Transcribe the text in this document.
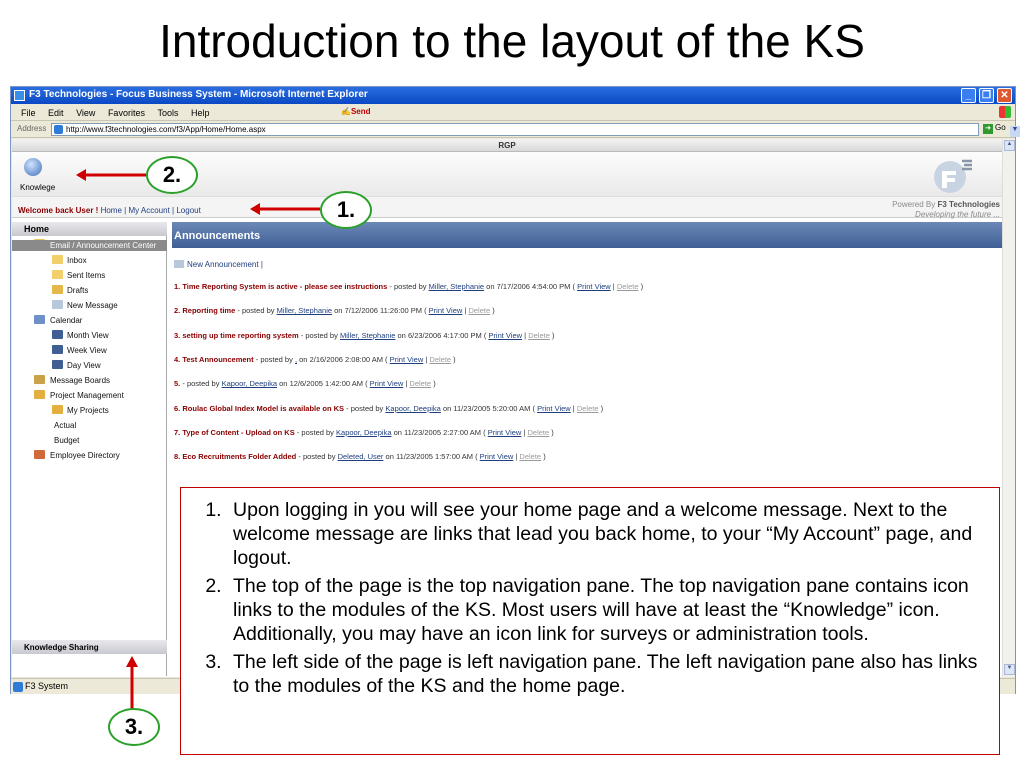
Introduction to the layout of the KS
F3 Technologies - Focus Business System - Microsoft Internet Explorer	_	❐ ✕
File Edit View Favorites Tools Help	✍Send
Address	http://www.f3technologies.com/f3/App/Home/Home.aspx	▼
➜ Go
RGP
Knowlege
Welcome back User ! Home | My Account | Logout
Powered By F3 Technologies
Developing the future ...
Home
Email / Announcement Center
Inbox
Sent Items
Drafts
New Message
Calendar
Month View
Week View
Day View
Message Boards
Project Management
My Projects
Actual
Budget
Employee Directory
Knowledge Sharing
Announcements
New Announcement |
1. Time Reporting System is active - please see instructions - posted by Miller, Stephanie on 7/17/2006 4:54:00 PM ( Print View | Delete )
2. Reporting time - posted by Miller, Stephanie on 7/12/2006 11:26:00 PM ( Print View | Delete )
3. setting up time reporting system - posted by Miller, Stephanie on 6/23/2006 4:17:00 PM ( Print View | Delete )
4. Test Announcement - posted by , on 2/16/2006 2:08:00 AM ( Print View | Delete )
5. - posted by Kapoor, Deepika on 12/6/2005 1:42:00 AM ( Print View | Delete )
6. Roulac Global Index Model is available on KS - posted by Kapoor, Deepika on 11/23/2005 5:20:00 AM ( Print View | Delete )
7. Type of Content - Upload on KS - posted by Kapoor, Deepika on 11/23/2005 2:27:00 AM ( Print View | Delete )
8. Eco Recruitments Folder Added - posted by Deleted, User on 11/23/2005 1:57:00 AM ( Print View | Delete )
▲
▼
F3 System
2.
1.
3.
1. Upon logging in you will see your home page and a welcome message. Next to the welcome message are links that lead you back home, to your “My Account” page, and logout.
2. The top of the page is the top navigation pane. The top navigation pane contains icon links to the modules of the KS. Most users will have at least the “Knowledge” icon. Additionally, you may have an icon link for surveys or administration tools.
3. The left side of the page is left navigation pane. The left navigation pane also has links to the modules of the KS and the home page.
